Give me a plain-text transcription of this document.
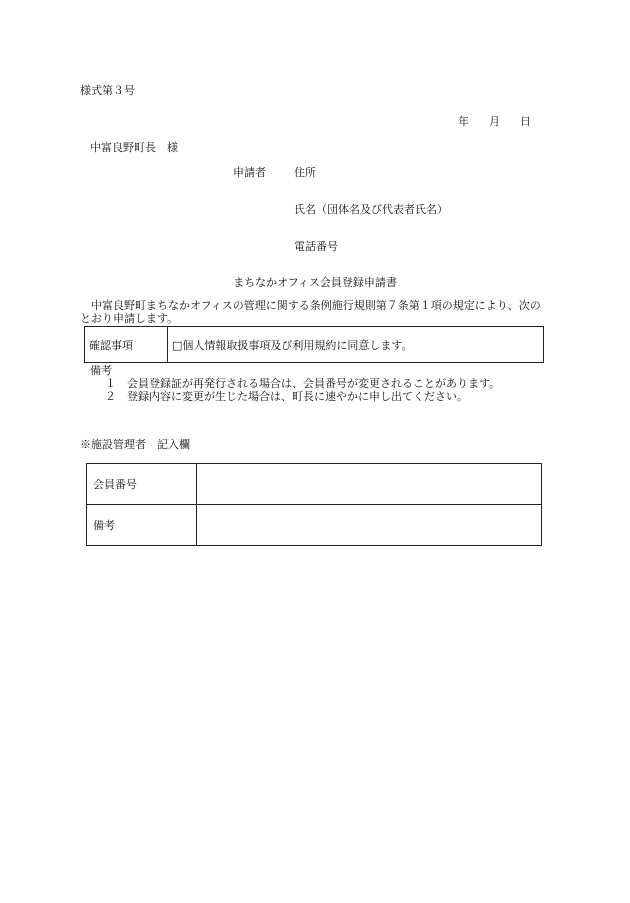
様式第３号
年 月 日
中富良野町長　様
申請者	住所
氏名（団体名及び代表者氏名）
電話番号
まちなかオフィス会員登録申請書
中富良野町まちなかオフィスの管理に関する条例施行規則第７条第１項の規定により、次のとおり申請します。
確認事項	□個人情報取扱事項及び利用規約に同意します。
備考
１ 会員登録証が再発行される場合は、会員番号が変更されることがあります。
２ 登録内容に変更が生じた場合は、町長に速やかに申し出てください。
※施設管理者　記入欄
会員番号	
備考	
